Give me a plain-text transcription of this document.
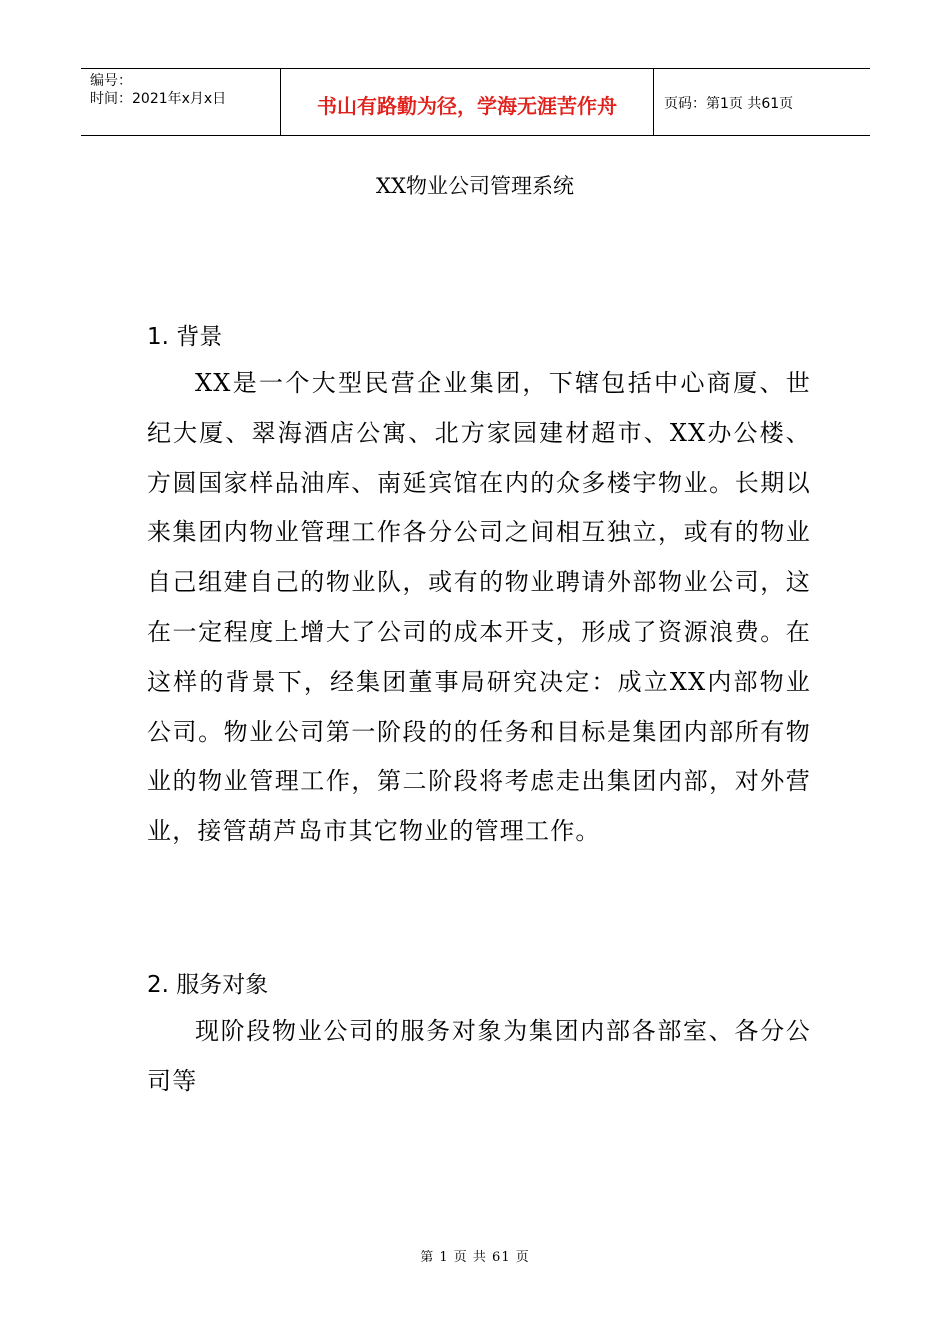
编号：
时间：2021年x月x日	书山有路勤为径，学海无涯苦作舟	页码：第1页 共61页
XX物业公司管理系统
1. 背景

XX是一个大型民营企业集团，下辖包括中心商厦、世纪大厦、翠海酒店公寓、北方家园建材超市、XX办公楼、方圆国家样品油库、南延宾馆在内的众多楼宇物业。长期以来集团内物业管理工作各分公司之间相互独立，或有的物业自己组建自己的物业队，或有的物业聘请外部物业公司，这在一定程度上增大了公司的成本开支，形成了资源浪费。在这样的背景下，经集团董事局研究决定：成立XX内部物业公司。物业公司第一阶段的的任务和目标是集团内部所有物业的物业管理工作，第二阶段将考虑走出集团内部，对外营业，接管葫芦岛市其它物业的管理工作。

2. 服务对象

现阶段物业公司的服务对象为集团内部各部室、各分公司等

第 1 页 共 61 页
